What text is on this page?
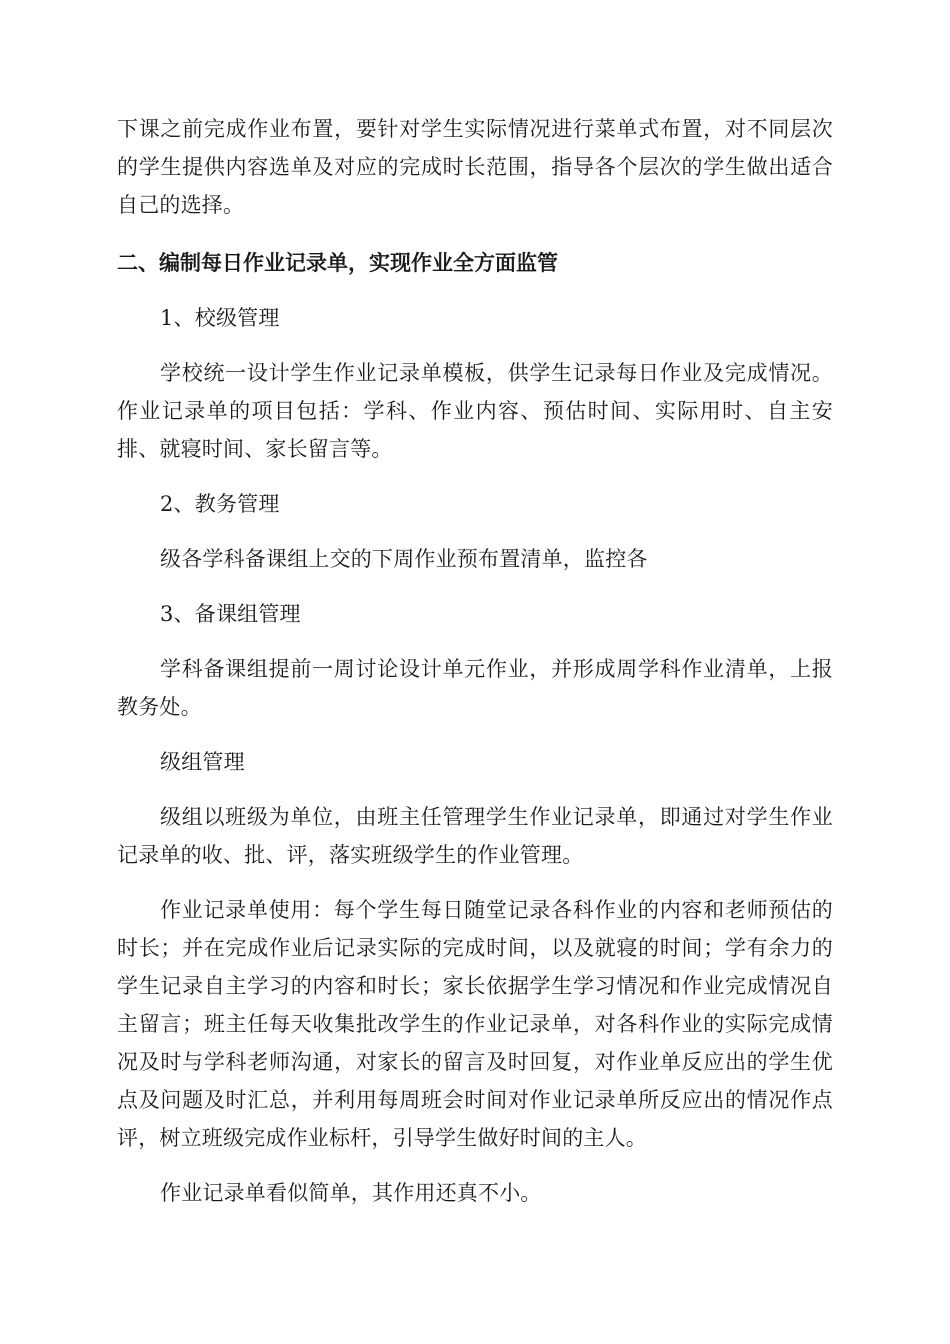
下课之前完成作业布置，要针对学生实际情况进行菜单式布置，对不同层次的学生提供内容选单及对应的完成时长范围，指导各个层次的学生做出适合自己的选择。

二、编制每日作业记录单，实现作业全方面监管

1、校级管理

学校统一设计学生作业记录单模板，供学生记录每日作业及完成情况。作业记录单的项目包括：学科、作业内容、预估时间、实际用时、自主安排、就寝时间、家长留言等。

2、教务管理

级各学科备课组上交的下周作业预布置清单，监控各

3、备课组管理

学科备课组提前一周讨论设计单元作业，并形成周学科作业清单，上报教务处。

级组管理

级组以班级为单位，由班主任管理学生作业记录单，即通过对学生作业记录单的收、批、评，落实班级学生的作业管理。

作业记录单使用：每个学生每日随堂记录各科作业的内容和老师预估的时长；并在完成作业后记录实际的完成时间，以及就寝的时间；学有余力的学生记录自主学习的内容和时长；家长依据学生学习情况和作业完成情况自主留言；班主任每天收集批改学生的作业记录单，对各科作业的实际完成情况及时与学科老师沟通，对家长的留言及时回复，对作业单反应出的学生优点及问题及时汇总，并利用每周班会时间对作业记录单所反应出的情况作点评，树立班级完成作业标杆，引导学生做好时间的主人。

作业记录单看似简单，其作用还真不小。
